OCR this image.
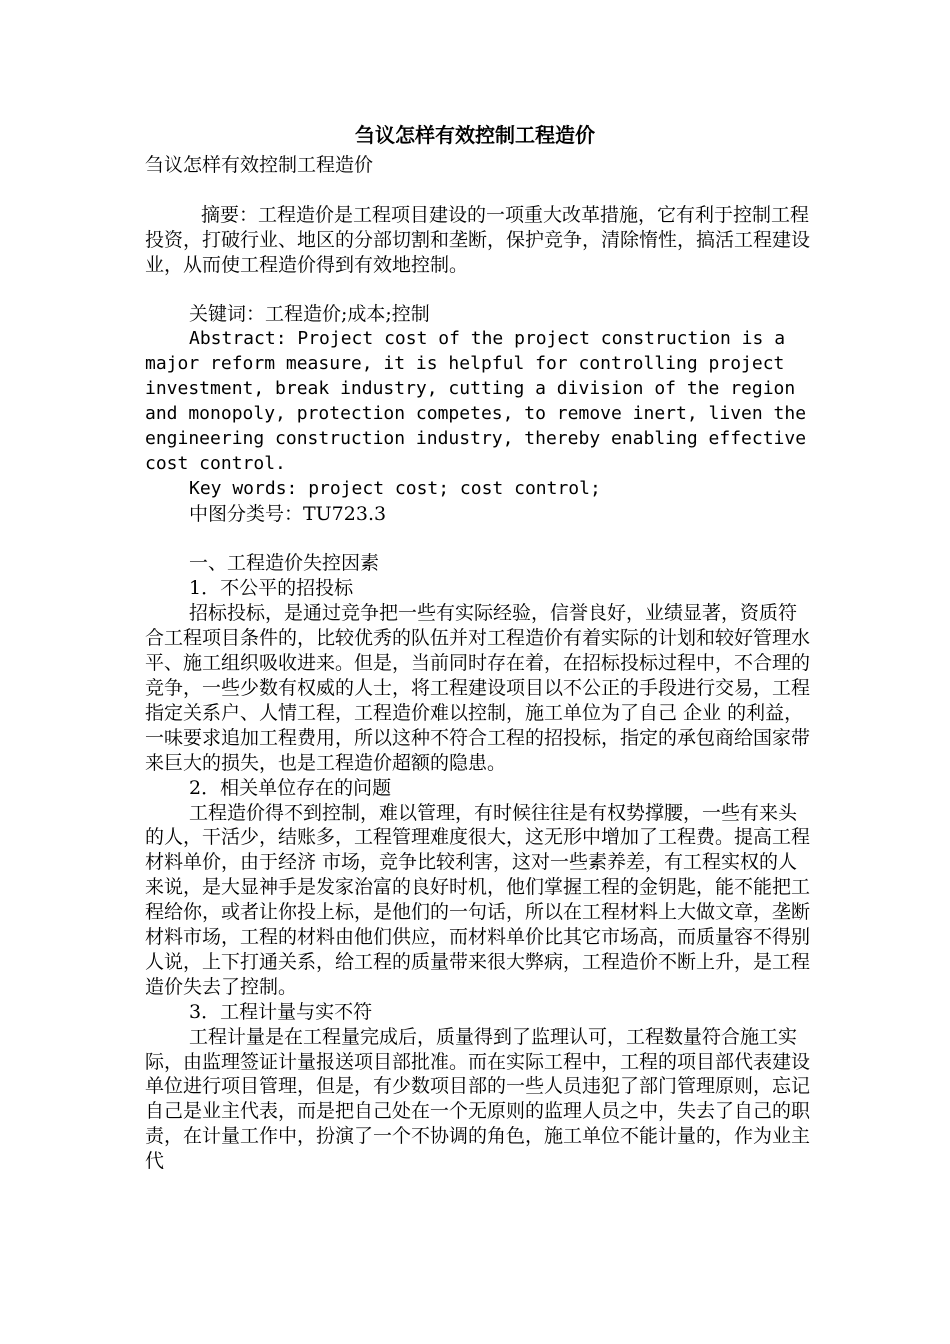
刍议怎样有效控制工程造价

刍议怎样有效控制工程造价

摘要：工程造价是工程项目建设的一项重大改革措施，它有利于控制工程投资，打破行业、地区的分部切割和垄断，保护竞争，清除惰性，搞活工程建设业，从而使工程造价得到有效地控制。

关键词：工程造价;成本;控制

Abstract: Project cost of the project construction is a major reform measure, it is helpful for controlling project investment, break industry, cutting a division of the region and monopoly, protection competes, to remove inert, liven the engineering construction industry, thereby enabling effective cost control.

Key words: project cost; cost control;

中图分类号：TU723.3

一、工程造价失控因素

1．不公平的招投标

招标投标，是通过竞争把一些有实际经验，信誉良好，业绩显著，资质符合工程项目条件的，比较优秀的队伍并对工程造价有着实际的计划和较好管理水平、施工组织吸收进来。但是，当前同时存在着，在招标投标过程中，不合理的竞争，一些少数有权威的人士，将工程建设项目以不公正的手段进行交易，工程指定关系户、人情工程，工程造价难以控制，施工单位为了自己 企业 的利益，一味要求追加工程费用，所以这种不符合工程的招投标，指定的承包商给国家带来巨大的损失，也是工程造价超额的隐患。

2．相关单位存在的问题

工程造价得不到控制，难以管理，有时候往往是有权势撑腰，一些有来头的人，干活少，结账多，工程管理难度很大，这无形中增加了工程费。提高工程材料单价，由于经济 市场，竞争比较利害，这对一些素养差，有工程实权的人来说，是大显神手是发家治富的良好时机，他们掌握工程的金钥匙，能不能把工程给你，或者让你投上标，是他们的一句话，所以在工程材料上大做文章，垄断材料市场，工程的材料由他们供应，而材料单价比其它市场高，而质量容不得别人说，上下打通关系，给工程的质量带来很大弊病，工程造价不断上升，是工程造价失去了控制。

3．工程计量与实不符

工程计量是在工程量完成后，质量得到了监理认可，工程数量符合施工实际，由监理签证计量报送项目部批准。而在实际工程中，工程的项目部代表建设单位进行项目管理，但是，有少数项目部的一些人员违犯了部门管理原则，忘记自己是业主代表，而是把自己处在一个无原则的监理人员之中，失去了自己的职责，在计量工作中，扮演了一个不协调的角色，施工单位不能计量的，作为业主代
